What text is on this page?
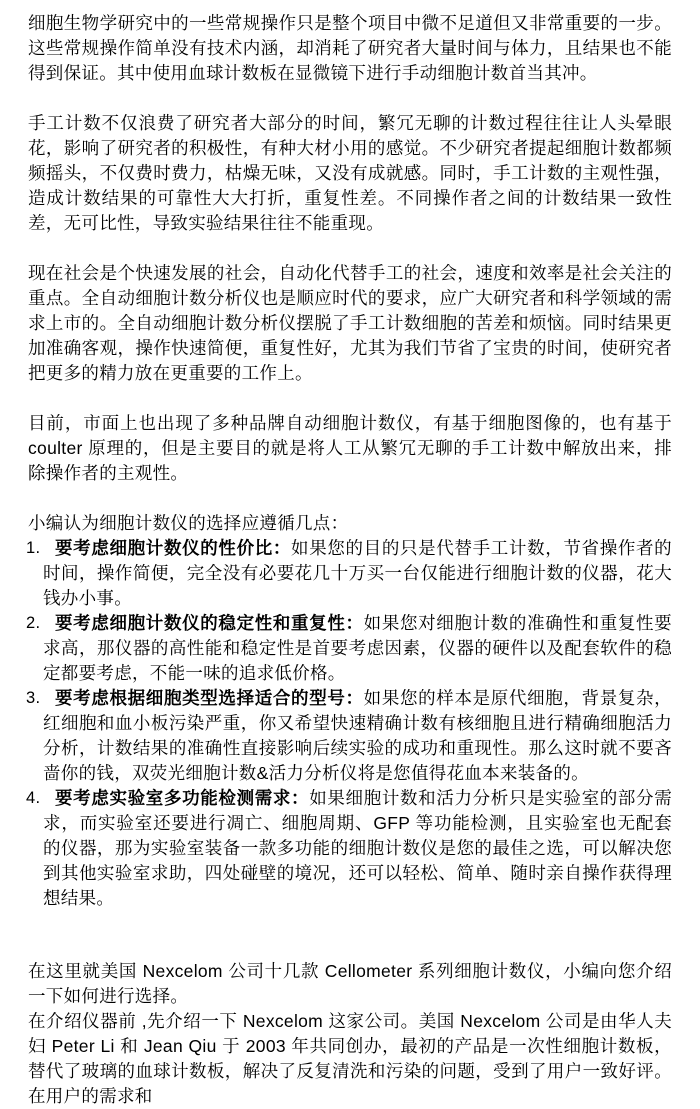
细胞生物学研究中的一些常规操作只是整个项目中微不足道但又非常重要的一步。这些常规操作简单没有技术内涵，却消耗了研究者大量时间与体力，且结果也不能得到保证。其中使用血球计数板在显微镜下进行手动细胞计数首当其冲。

手工计数不仅浪费了研究者大部分的时间，繁冗无聊的计数过程往往让人头晕眼花，影响了研究者的积极性，有种大材小用的感觉。不少研究者提起细胞计数都频频摇头，不仅费时费力，枯燥无味，又没有成就感。同时，手工计数的主观性强，造成计数结果的可靠性大大打折，重复性差。不同操作者之间的计数结果一致性差，无可比性，导致实验结果往往不能重现。

现在社会是个快速发展的社会，自动化代替手工的社会，速度和效率是社会关注的重点。全自动细胞计数分析仪也是顺应时代的要求，应广大研究者和科学领域的需求上市的。全自动细胞计数分析仪摆脱了手工计数细胞的苦差和烦恼。同时结果更加准确客观，操作快速简便，重复性好，尤其为我们节省了宝贵的时间，使研究者把更多的精力放在更重要的工作上。

目前，市面上也出现了多种品牌自动细胞计数仪，有基于细胞图像的，也有基于 coulter 原理的，但是主要目的就是将人工从繁冗无聊的手工计数中解放出来，排除操作者的主观性。

小编认为细胞计数仪的选择应遵循几点：

1. 要考虑细胞计数仪的性价比：如果您的目的只是代替手工计数，节省操作者的时间，操作简便，完全没有必要花几十万买一台仅能进行细胞计数的仪器，花大钱办小事。
2. 要考虑细胞计数仪的稳定性和重复性：如果您对细胞计数的准确性和重复性要求高，那仪器的高性能和稳定性是首要考虑因素，仪器的硬件以及配套软件的稳定都要考虑，不能一味的追求低价格。
3. 要考虑根据细胞类型选择适合的型号：如果您的样本是原代细胞，背景复杂，红细胞和血小板污染严重，你又希望快速精确计数有核细胞且进行精确细胞活力分析，计数结果的准确性直接影响后续实验的成功和重现性。那么这时就不要吝啬你的钱，双荧光细胞计数&活力分析仪将是您值得花血本来装备的。
4. 要考虑实验室多功能检测需求：如果细胞计数和活力分析只是实验室的部分需求，而实验室还要进行凋亡、细胞周期、GFP 等功能检测，且实验室也无配套的仪器，那为实验室装备一款多功能的细胞计数仪是您的最佳之选，可以解决您到其他实验室求助，四处碰壁的境况，还可以轻松、简单、随时亲自操作获得理想结果。

在这里就美国 Nexcelom 公司十几款 Cellometer 系列细胞计数仪，小编向您介绍一下如何进行选择。

在介绍仪器前 ,先介绍一下 Nexcelom 这家公司。美国 Nexcelom 公司是由华人夫妇 Peter Li 和 Jean Qiu 于 2003 年共同创办，最初的产品是一次性细胞计数板，替代了玻璃的血球计数板，解决了反复清洗和污染的问题，受到了用户一致好评。在用户的需求和
